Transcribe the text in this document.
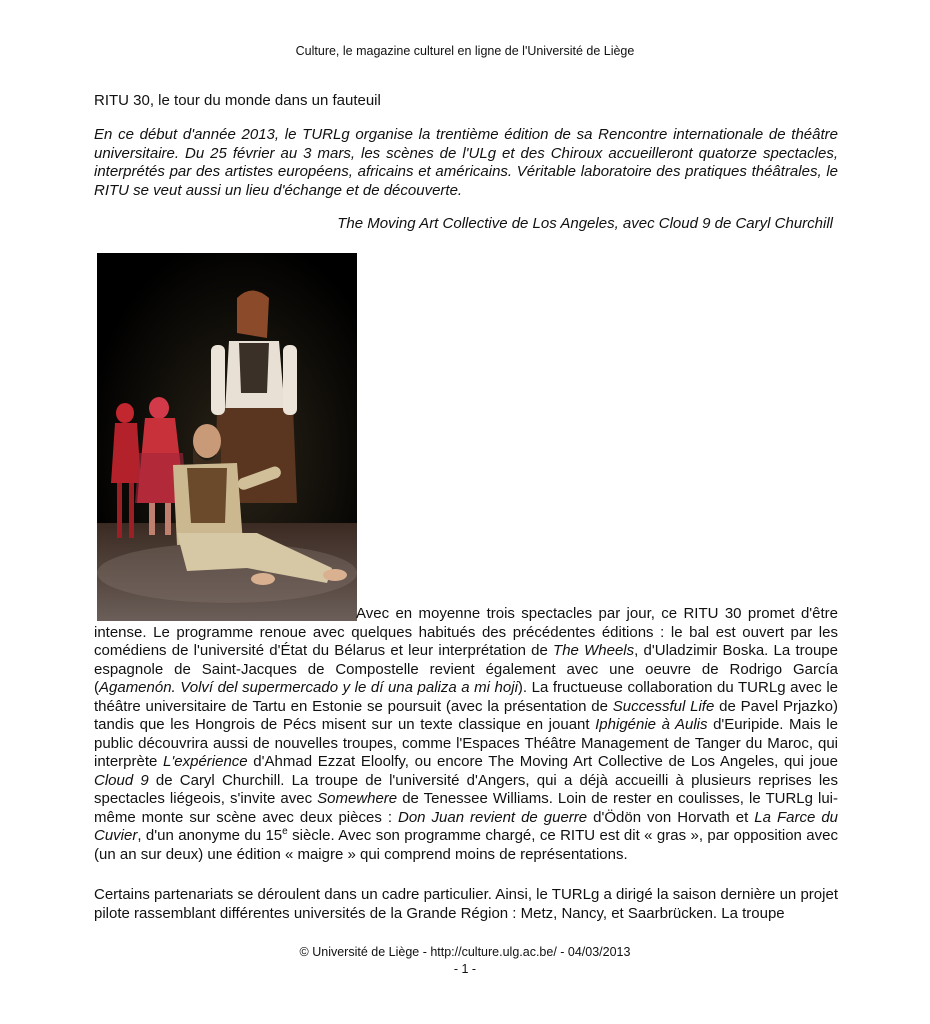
Culture, le magazine culturel en ligne de l'Université de Liège
RITU 30, le tour du monde dans un fauteuil

En ce début d'année 2013, le TURLg organise la trentième édition de sa Rencontre internationale de théâtre universitaire. Du 25 février au 3 mars, les scènes de l'ULg et des Chiroux accueilleront quatorze spectacles, interprétés par des artistes européens, africains et américains. Véritable laboratoire des pratiques théâtrales, le RITU se veut aussi un lieu d'échange et de découverte.

The Moving Art Collective de Los Angeles, avec Cloud 9 de Caryl Churchill

Avec en moyenne trois spectacles par jour, ce RITU 30 promet d'être intense. Le programme renoue avec quelques habitués des précédentes éditions : le bal est ouvert par les comédiens de l'université d'État du Bélarus et leur interprétation de The Wheels, d'Uladzimir Boska. La troupe espagnole de Saint-Jacques de Compostelle revient également avec une oeuvre de Rodrigo García (Agamenón. Volví del supermercado y le dí una paliza a mi hoji). La fructueuse collaboration du TURLg avec le théâtre universitaire de Tartu en Estonie se poursuit (avec la présentation de Successful Life de Pavel Prjazko) tandis que les Hongrois de Pécs misent sur un texte classique en jouant Iphigénie à Aulis d'Euripide. Mais le public découvrira aussi de nouvelles troupes, comme l'Espaces Théâtre Management de Tanger du Maroc, qui interprète L'expérience d'Ahmad Ezzat Eloolfy, ou encore The Moving Art Collective de Los Angeles, qui joue Cloud 9 de Caryl Churchill. La troupe de l'université d'Angers, qui a déjà accueilli à plusieurs reprises les spectacles liégeois, s'invite avec Somewhere de Tenessee Williams. Loin de rester en coulisses, le TURLg lui-même monte sur scène avec deux pièces : Don Juan revient de guerre d'Ödön von Horvath et La Farce du Cuvier, d'un anonyme du 15e siècle. Avec son programme chargé, ce RITU est dit « gras », par opposition avec (un an sur deux) une édition « maigre » qui comprend moins de représentations.

Certains partenariats se déroulent dans un cadre particulier. Ainsi, le TURLg a dirigé la saison dernière un projet pilote rassemblant différentes universités de la Grande Région : Metz, Nancy, et Saarbrücken. La troupe

© Université de Liège - http://culture.ulg.ac.be/ - 04/03/2013
- 1 -
